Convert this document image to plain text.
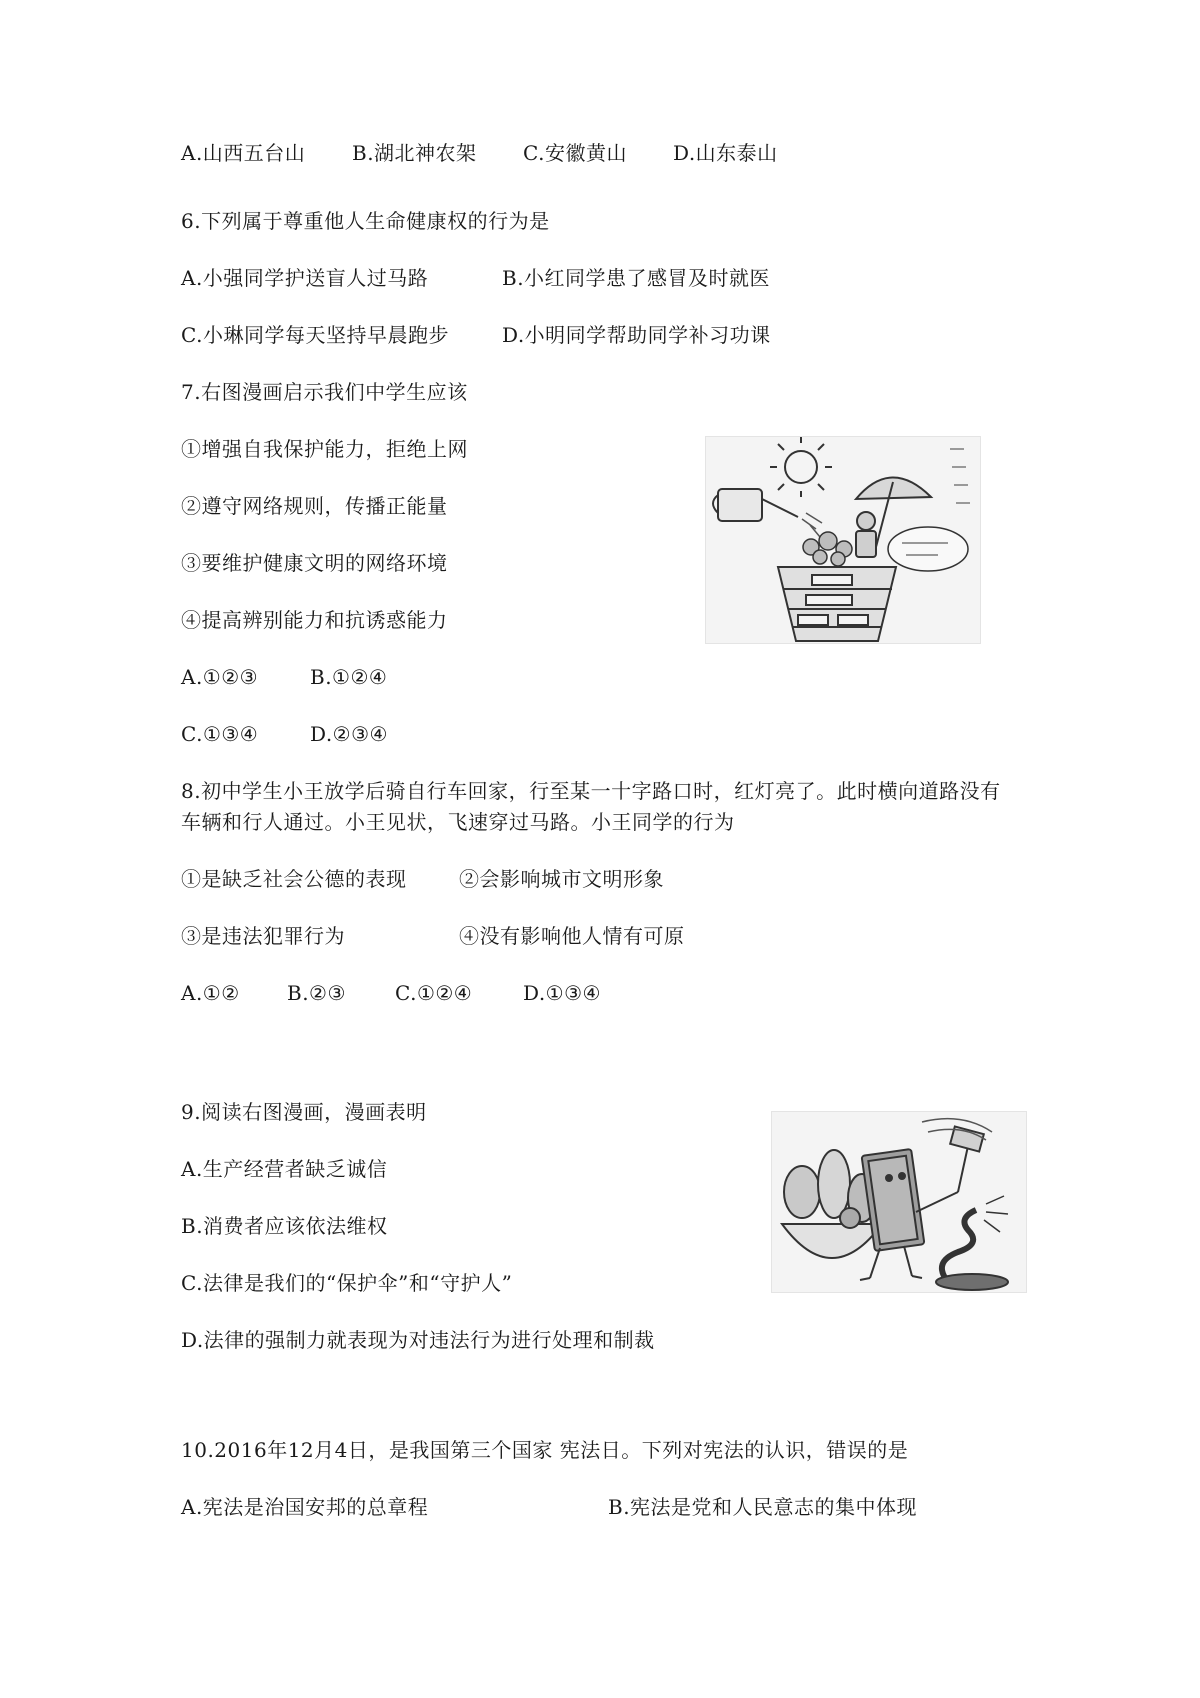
A.山西五台山 B.湖北神农架 C.安徽黄山 D.山东泰山
6.下列属于尊重他人生命健康权的行为是
A.小强同学护送盲人过马路	B.小红同学患了感冒及时就医
C.小琳同学每天坚持早晨跑步	D.小明同学帮助同学补习功课
7.右图漫画启示我们中学生应该
①增强自我保护能力，拒绝上网
②遵守网络规则，传播正能量
③要维护健康文明的网络环境
④提高辨别能力和抗诱惑能力
A.①②③	B.①②④
C.①③④	D.②③④
8.初中学生小王放学后骑自行车回家，行至某一十字路口时，红灯亮了。此时横向道路没有
车辆和行人通过。小王见状，飞速穿过马路。小王同学的行为
①是缺乏社会公德的表现	②会影响城市文明形象
③是违法犯罪行为	④没有影响他人情有可原
A.①② B.②③ C.①②④	D.①③④
9.阅读右图漫画，漫画表明
A.生产经营者缺乏诚信
B.消费者应该依法维权
C.法律是我们的“保护伞”和“守护人”
D.法律的强制力就表现为对违法行为进行处理和制裁
10.2016年12月4日，是我国第三个国家 宪法日。下列对宪法的认识，错误的是
A.宪法是治国安邦的总章程	B.宪法是党和人民意志的集中体现
